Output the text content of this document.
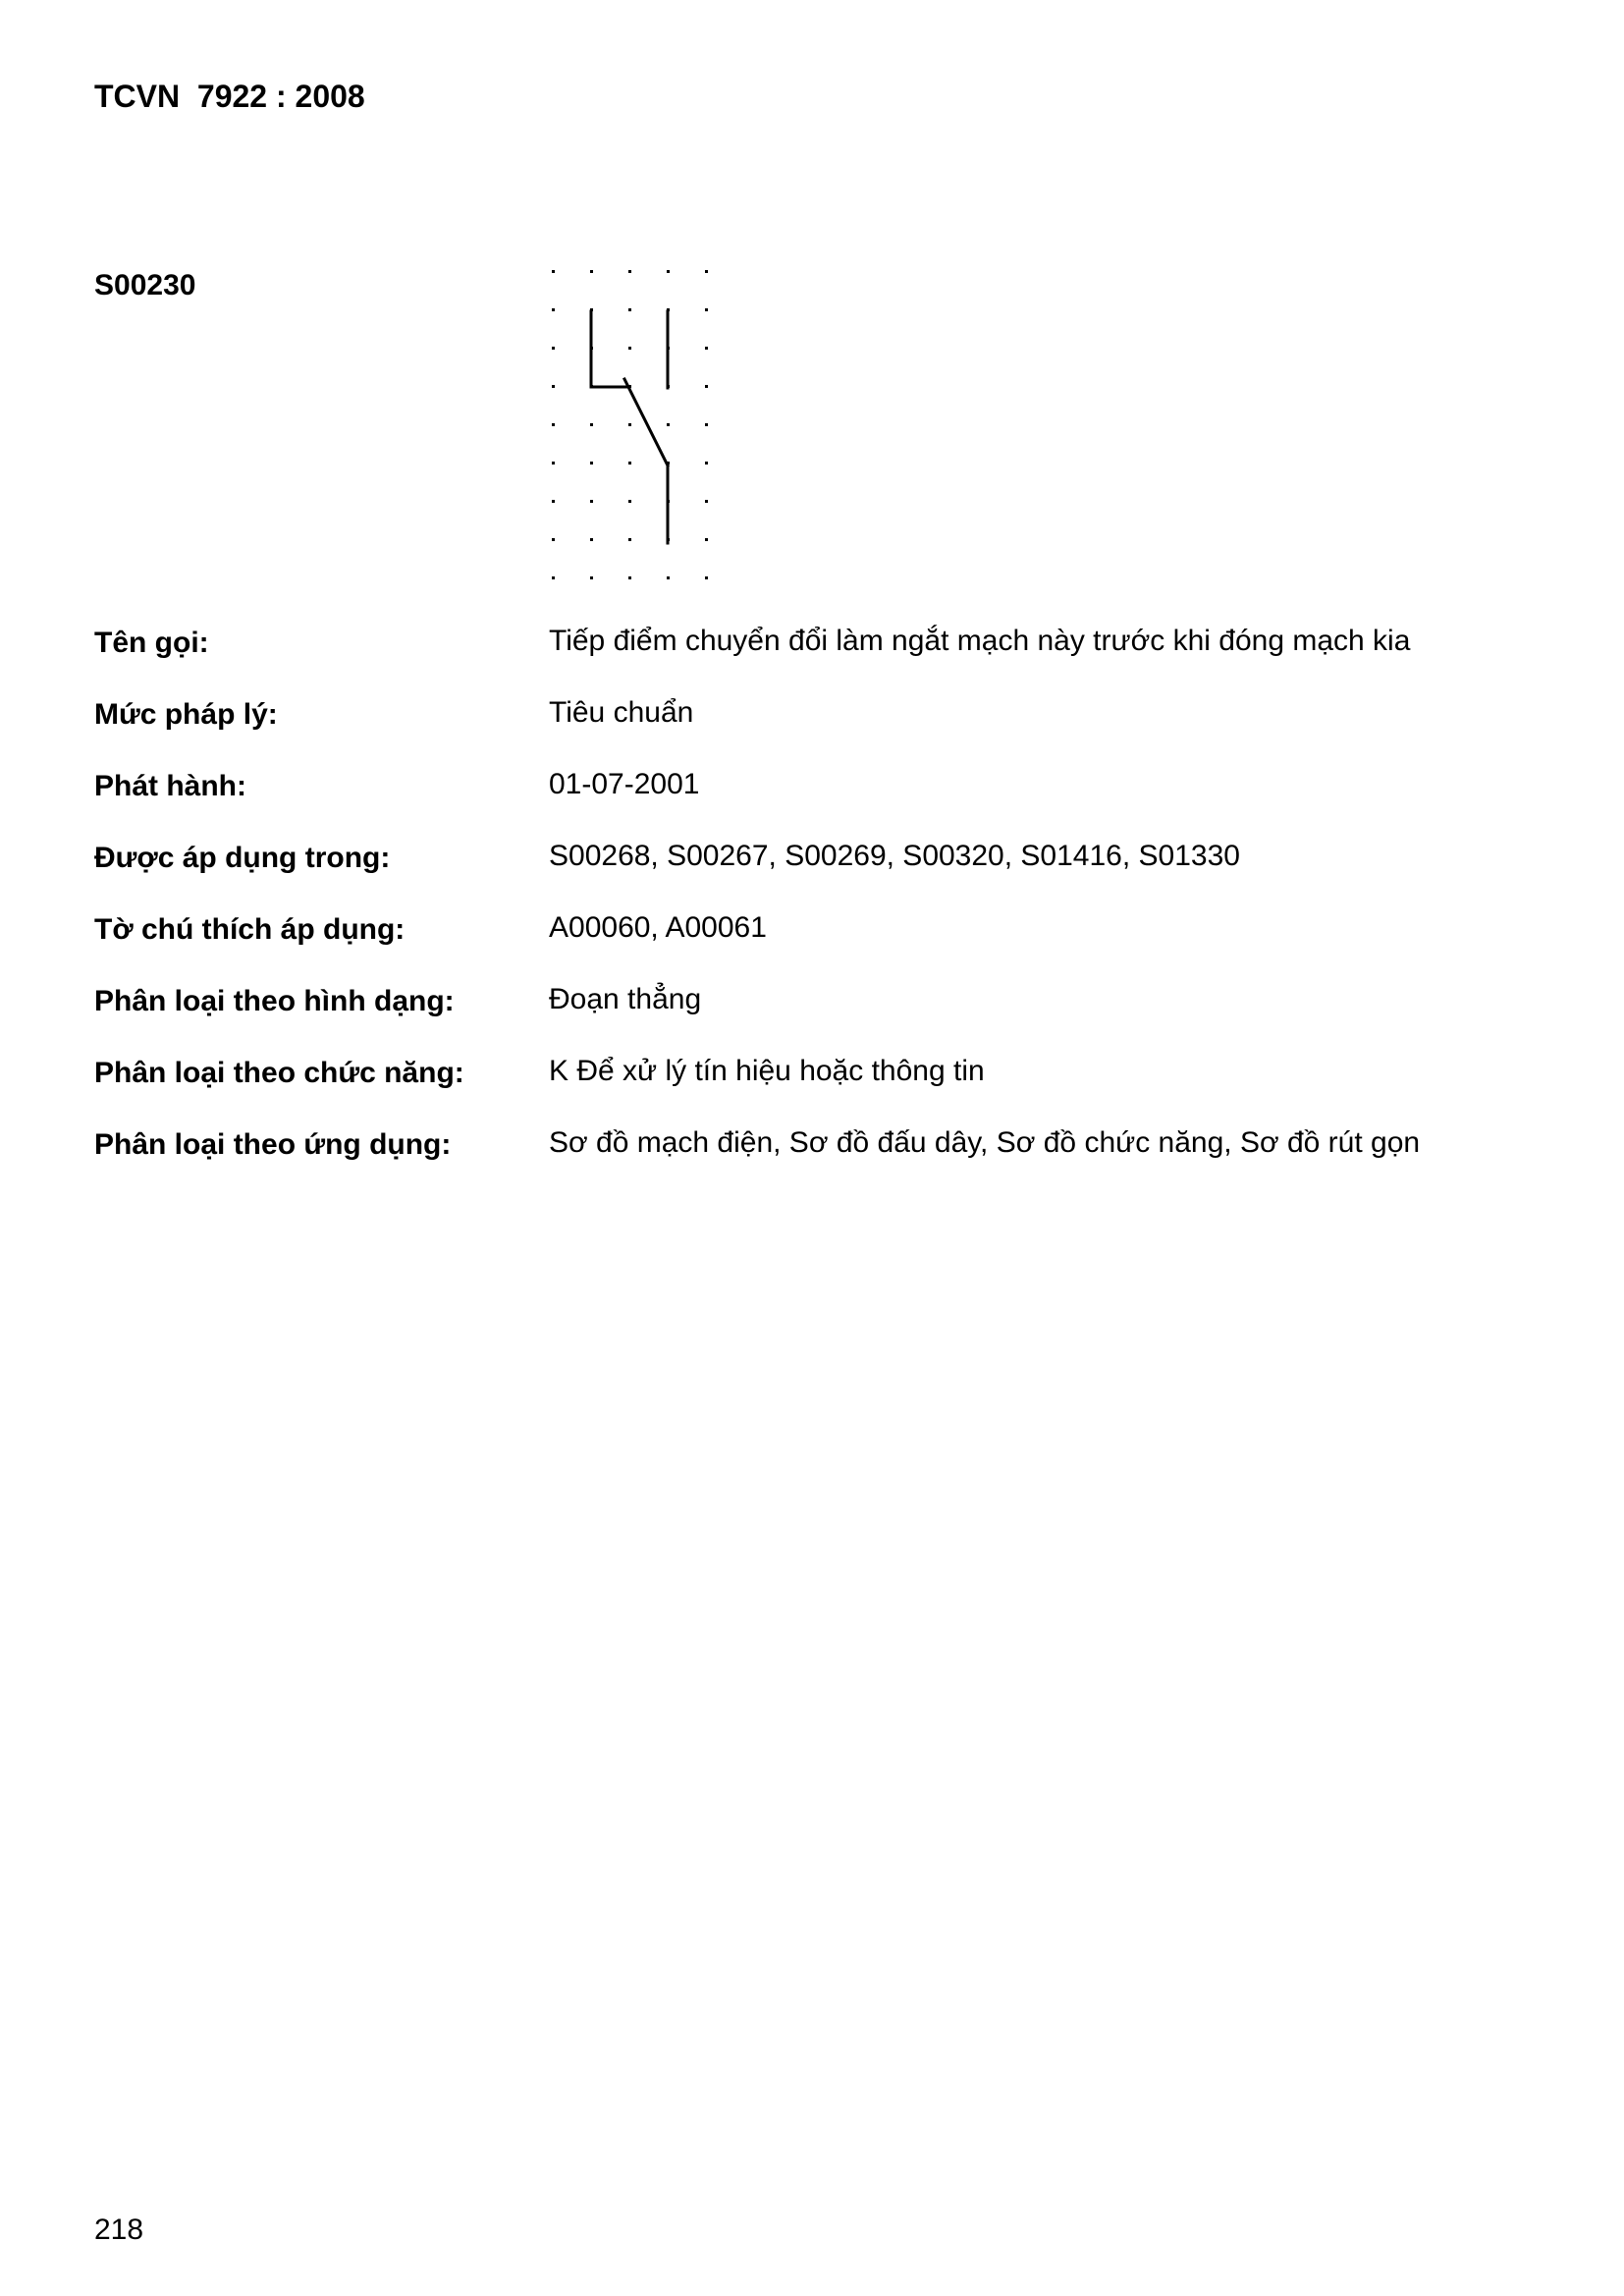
TCVN  7922 : 2008
S00230
Tên gọi:	Tiếp điểm chuyển đổi làm ngắt mạch này trước khi đóng mạch kia
Mức pháp lý:	Tiêu chuẩn
Phát hành:	01-07-2001
Được áp dụng trong:	S00268, S00267, S00269, S00320, S01416, S01330
Tờ chú thích áp dụng:	A00060, A00061
Phân loại theo hình dạng:	Đoạn thẳng
Phân loại theo chức năng:	K Để xử lý tín hiệu hoặc thông tin
Phân loại theo ứng dụng:	Sơ đồ mạch điện, Sơ đồ đấu dây, Sơ đồ chức năng, Sơ đồ rút gọn
218
